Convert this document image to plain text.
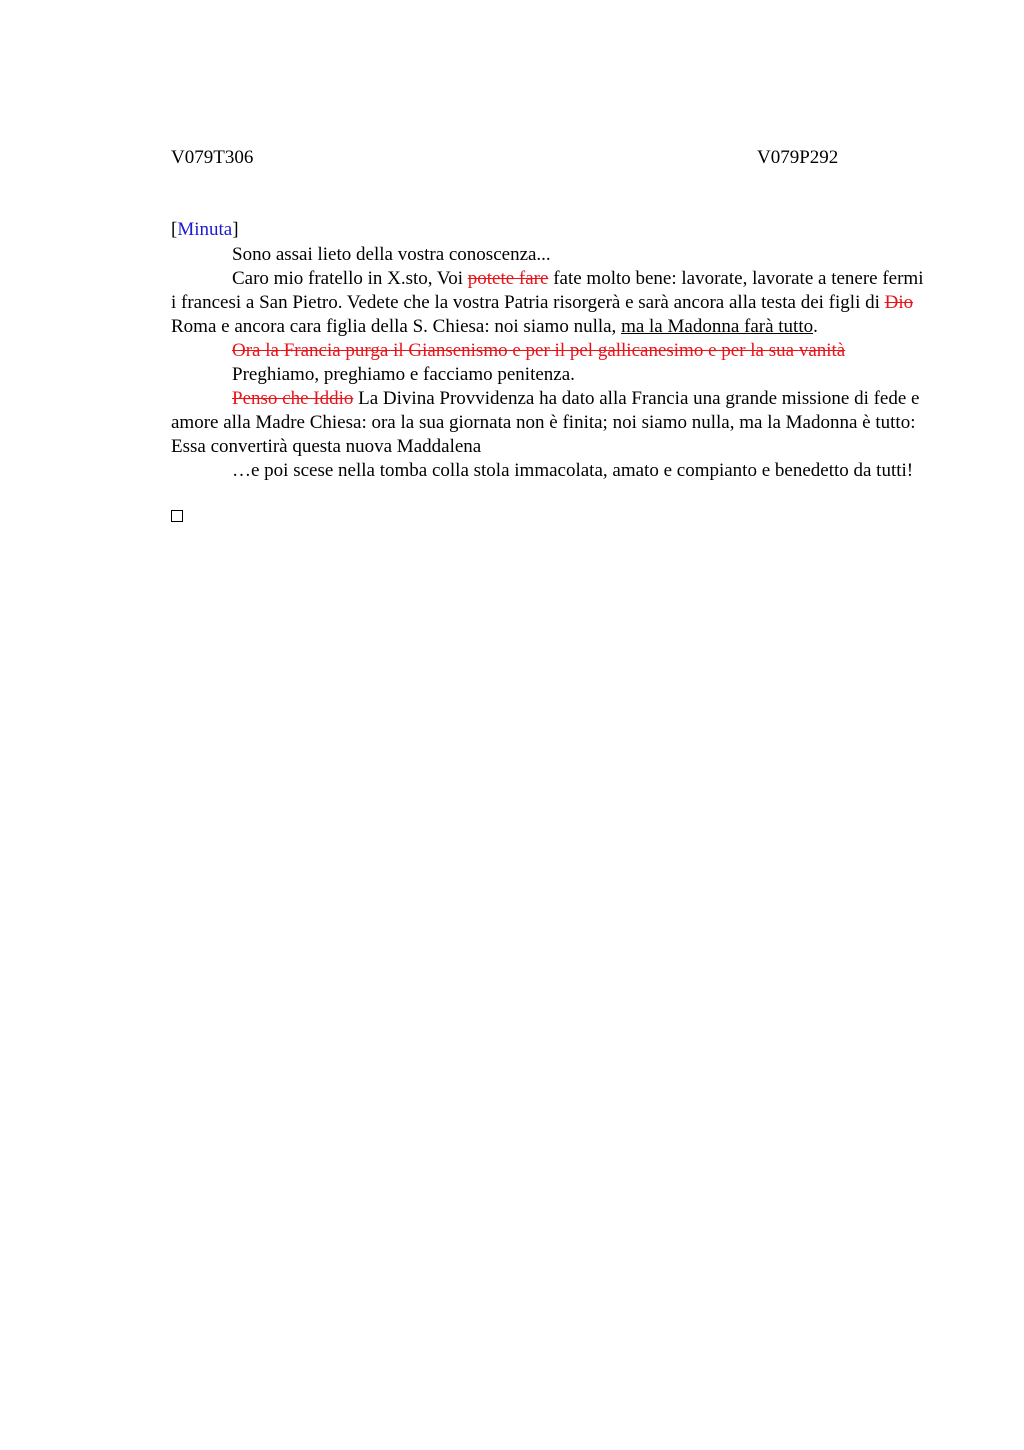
V079T306	V079P292
[Minuta]

Sono assai lieto della vostra conoscenza...

Caro mio fratello in X.sto, Voi potete fare fate molto bene: lavorate, lavorate a tenere fermi i francesi a San Pietro. Vedete che la vostra Patria risorgerà e sarà ancora alla testa dei figli di Dio Roma e ancora cara figlia della S. Chiesa: noi siamo nulla, ma la Madonna farà tutto.

Ora la Francia purga il Giansenismo e per il pel gallicanesimo e per la sua vanità

Preghiamo, preghiamo e facciamo penitenza.

Penso che Iddio La Divina Provvidenza ha dato alla Francia una grande missione di fede e amore alla Madre Chiesa: ora la sua giornata non è finita; noi siamo nulla, ma la Madonna è tutto: Essa convertirà questa nuova Maddalena

…e poi scese nella tomba colla stola immacolata, amato e compianto e benedetto da tutti!
